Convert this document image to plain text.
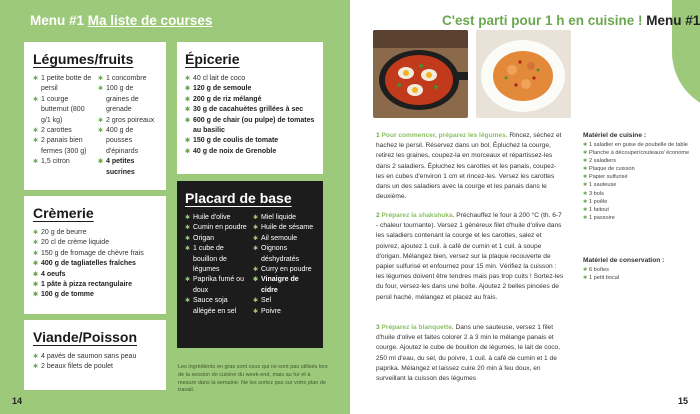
Menu #1 Ma liste de courses
Légumes/fruits
✱ 1 petite botte de persil
✱ 1 courge butternut (800 g/1 kg)
✱ 2 carottes
✱ 2 panais bien fermes (300 g)
✱ 1,5 citron
✱ 1 concombre
✱ 100 g de graines de grenade
✱ 2 gros poireaux
✱ 400 g de pousses d'épinards
✱ 4 petites sucrines
Épicerie
✱ 40 cl lait de coco
✱ 120 g de semoule
✱ 200 g de riz mélangé
✱ 30 g de cacahuètes grillées à sec
✱ 600 g de chair (ou pulpe) de tomates au basilic
✱ 150 g de coulis de tomate
✱ 40 g de noix de Grenoble
Crèmerie
✱ 20 g de beurre
✱ 20 cl de crème liquide
✱ 150 g de fromage de chèvre frais
✱ 400 g de tagliatelles fraîches
✱ 4 oeufs
✱ 1 pâte à pizza rectangulaire
✱ 100 g de tomme
Placard de base
✱ Huile d'olive
✱ Cumin en poudre
✱ Origan
✱ 1 cube de bouillon de légumes
✱ Paprika fumé ou doux
✱ Sauce soja allégée en sel
✱ Miel liquide
✱ Huile de sésame
✱ Ail semoule
✱ Oignons déshydratés
✱ Curry en poudre
✱ Vinaigre de cidre
✱ Sel
✱ Poivre
Viande/Poisson
✱ 4 pavés de saumon sans peau
✱ 2 beaux filets de poulet	Les ingrédients en gras sont ceux qui ne sont pas utilisés lors de la session de cuisine du week-end, mais au fur et à mesure dans la semaine. Ne les sortez pas sur votre plan de travail.
14
C'est parti pour 1 h en cuisine ! Menu #1
1 Pour commencer, préparez les légumes. Rincez, séchez et hachez le persil. Réservez dans un bol. Épluchez la courge, retirez les graines, coupez-la en morceaux et répartissez-les dans 2 saladiers. Épluchez les carottes et les panais, coupez-les en cubes d'environ 1 cm et rincez-les. Versez les carottes dans un des saladiers avec la courge et les panais dans le deuxième.
2 Préparez la shakshuka. Préchauffez le four à 200 °C (th. 6-7 - chaleur tournante). Versez 1 généreux filet d'huile d'olive dans les saladiers contenant la courge et les carottes, salez et poivrez, ajoutez 1 cuil. à café de cumin et 1 cuil. à soupe d'origan. Mélangez bien, versez sur la plaque recouverte de papier sulfurisé et enfournez pour 15 min. Vérifiez la cuisson : les légumes doivent être tendres mais pas trop cuits ! Sortez-les du four, versez-les dans une boîte. Ajoutez 2 belles pincées de persil haché, mélangez et placez au frais.
3 Préparez la blanquette. Dans une sauteuse, versez 1 filet d'huile d'olive et faites colorer 2 à 3 min le mélange panais et courge. Ajoutez le cube de bouillon de légumes, le lait de coco, 250 ml d'eau, du sel, du poivre, 1 cuil. à café de cumin et 1 de paprika. Mélangez et laissez cuire 20 min à feu doux, en surveillant la cuisson des légumes
Matériel de cuisine :
✱ 1 saladier en guise de poubelle de table
✱ Planche à découper/couteaux/ économe
✱ 2 saladiers
✱ Plaque de cuisson
✱ Papier sulfurisé
✱ 1 sauteuse
✱ 3 bols
✱ 1 poêle
✱ 1 faitout
✱ 1 passoire
Matériel de conservation :
✱ 6 boîtes
✱ 1 petit bocal
15
